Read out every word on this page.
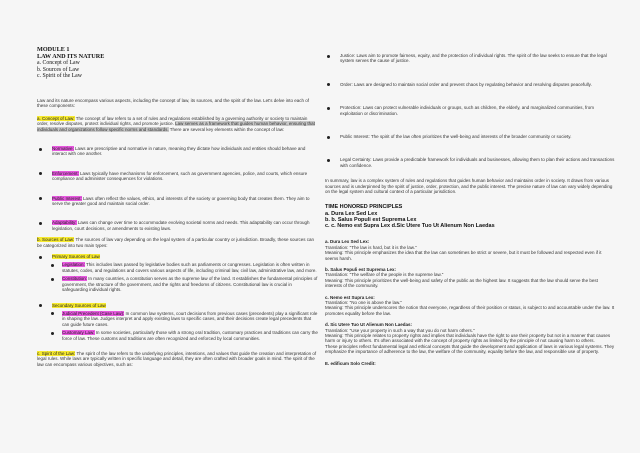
MODULE 1
LAW AND ITS NATURE
a. Concept of Law
b. Sources of Law
c. Spirit of the Law

Law and its nature encompass various aspects, including the concept of law, its sources, and the spirit of the law. Let's delve into each of these components:

a. Concept of Law: The concept of law refers to a set of rules and regulations established by a governing authority or society to maintain order, resolve disputes, protect individual rights, and promote justice. Law serves as a framework that guides human behavior, ensuring that individuals and organizations follow specific norms and standards. There are several key elements within the concept of law:

Normative: Laws are prescriptive and normative in nature, meaning they dictate how individuals and entities should behave and interact with one another.
Enforcement: Laws typically have mechanisms for enforcement, such as government agencies, police, and courts, which ensure compliance and administer consequences for violations.
Public Interest: Laws often reflect the values, ethics, and interests of the society or governing body that creates them. They aim to serve the greater good and maintain social order.
Adaptability: Laws can change over time to accommodate evolving societal norms and needs. This adaptability can occur through legislation, court decisions, or amendments to existing laws.

b. Sources of Law: The sources of law vary depending on the legal system of a particular country or jurisdiction. Broadly, these sources can be categorized into two main types:

Primary Sources of Law
Legislation: This includes laws passed by legislative bodies such as parliaments or congresses. Legislation is often written in statutes, codes, and regulations and covers various aspects of life, including criminal law, civil law, administrative law, and more.
Constitution: In many countries, a constitution serves as the supreme law of the land. It establishes the fundamental principles of government, the structure of the government, and the rights and freedoms of citizens. Constitutional law is crucial in safeguarding individual rights.
Secondary Sources of Law
Judicial Precedent (Case Law): In common law systems, court decisions from previous cases (precedents) play a significant role in shaping the law. Judges interpret and apply existing laws to specific cases, and their decisions create legal precedents that can guide future cases.
Customary Law: In some societies, particularly those with a strong oral tradition, customary practices and traditions can carry the force of law. These customs and traditions are often recognized and enforced by local communities.

c. Spirit of the Law: The spirit of the law refers to the underlying principles, intentions, and values that guide the creation and interpretation of legal rules. While laws are typically written in specific language and detail, they are often crafted with broader goals in mind. The spirit of the law can encompass various objectives, such as:

Justice: Laws aim to promote fairness, equity, and the protection of individual rights. The spirit of the law seeks to ensure that the legal system serves the cause of justice.
Order: Laws are designed to maintain social order and prevent chaos by regulating behavior and resolving disputes peacefully.
Protection: Laws can protect vulnerable individuals or groups, such as children, the elderly, and marginalized communities, from exploitation or discrimination.
Public Interest: The spirit of the law often prioritizes the well-being and interests of the broader community or society.
Legal Certainty: Laws provide a predictable framework for individuals and businesses, allowing them to plan their actions and transactions with confidence.

In summary, law is a complex system of rules and regulations that guides human behavior and maintains order in society. It draws from various sources and is underpinned by the spirit of justice, order, protection, and the public interest. The precise nature of law can vary widely depending on the legal system and cultural context of a particular jurisdiction.

TIME HONORED PRINCIPLES
a. Dura Lex Sed Lex
b. b. Salus Populi est Suprema Lex
c. c. Nemo est Supra Lex d.Sic Utere Tuo Ut Alienum Non Laedas
a. Dura Lex Sed Lex:
Translation: "The law is hard, but it is the law."
Meaning: This principle emphasizes the idea that the law can sometimes be strict or severe, but it must be followed and respected even if it seems harsh.
b. Salus Populi est Suprema Lex:
Translation: "The welfare of the people is the supreme law."
Meaning: This principle prioritizes the well-being and safety of the public as the highest law. It suggests that the law should serve the best interests of the community.
c. Nemo est Supra Lex:
Translation: "No one is above the law."
Meaning: This principle underscores the notion that everyone, regardless of their position or status, is subject to and accountable under the law. It promotes equality before the law.
d. Sic Utere Tuo Ut Alienum Non Laedas:
Translation: "Use your property in such a way that you do not harm others."
Meaning: This principle relates to property rights and implies that individuals have the right to use their property but not in a manner that causes harm or injury to others. It's often associated with the concept of property rights as limited by the principle of not causing harm to others.
These principles reflect fundamental legal and ethical concepts that guide the development and application of laws in various legal systems. They emphasize the importance of adherence to the law, the welfare of the community, equality before the law, and responsible use of property.
E. edificum Solo Credit:
